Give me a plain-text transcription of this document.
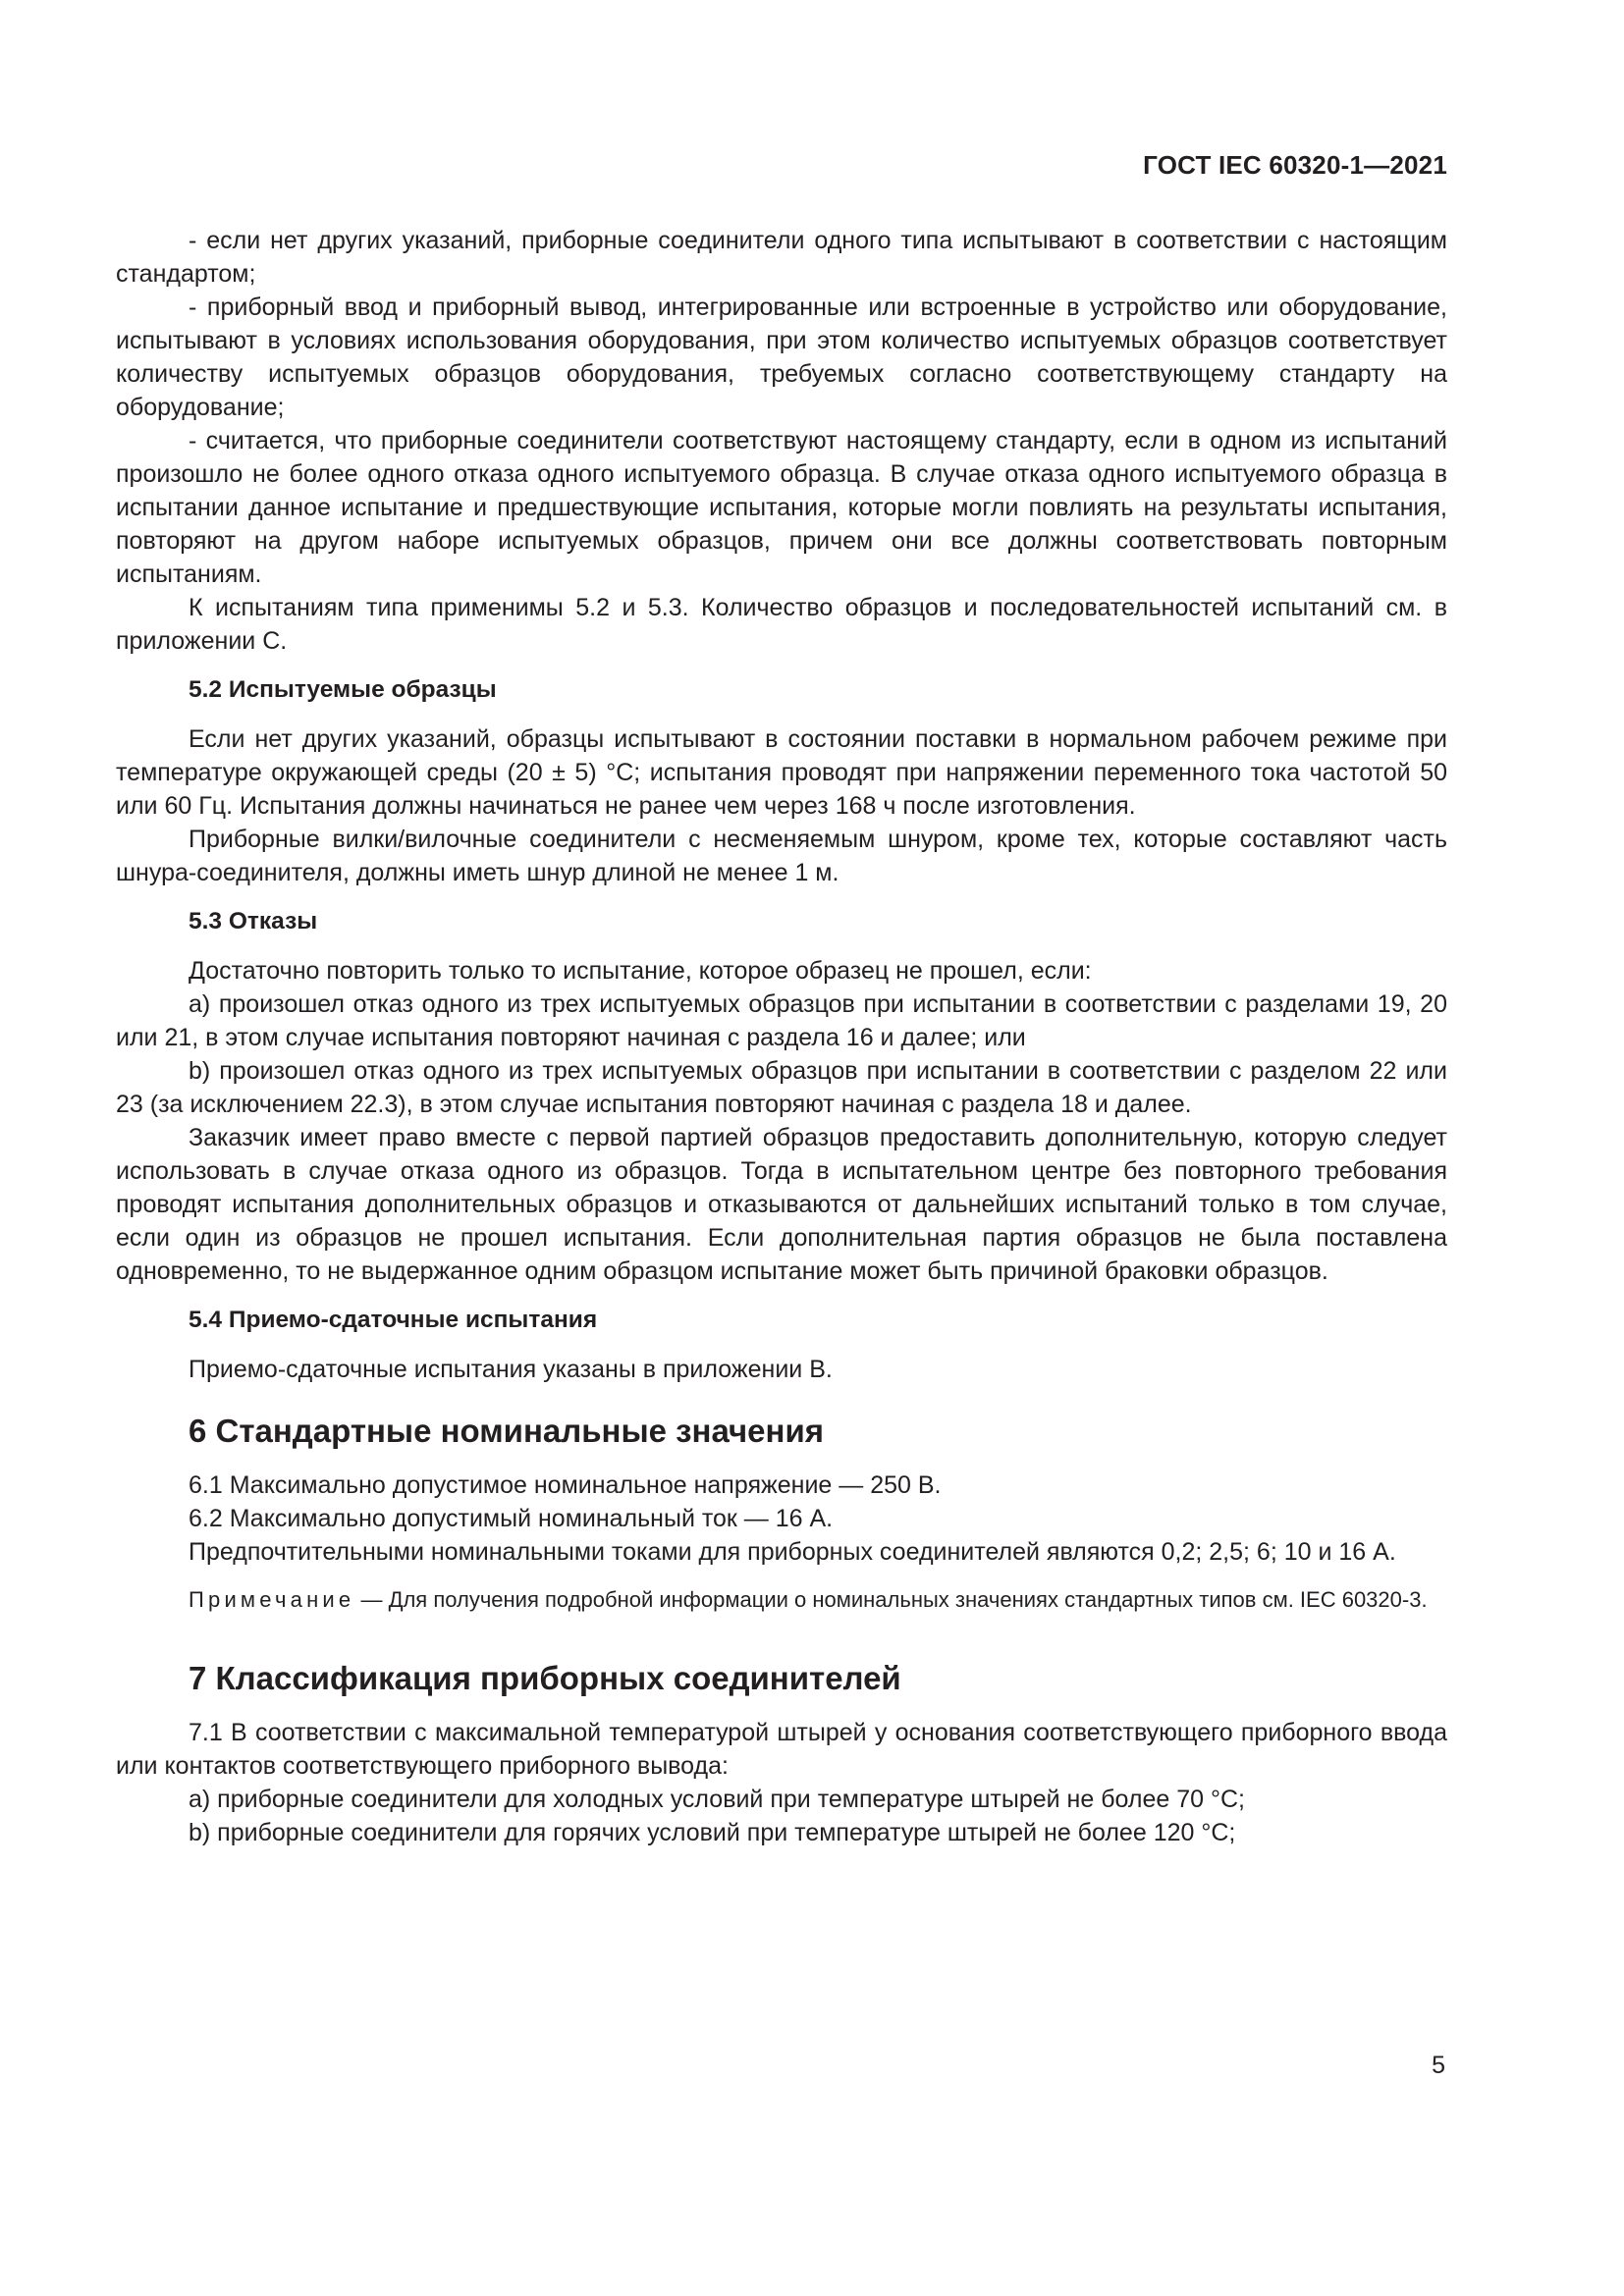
ГОСТ IEC 60320-1—2021

- если нет других указаний, приборные соединители одного типа испытывают в соответствии с настоящим стандартом;

- приборный ввод и приборный вывод, интегрированные или встроенные в устройство или оборудование, испытывают в условиях использования оборудования, при этом количество испытуемых образцов соответствует количеству испытуемых образцов оборудования, требуемых согласно соответствующему стандарту на оборудование;

- считается, что приборные соединители соответствуют настоящему стандарту, если в одном из испытаний произошло не более одного отказа одного испытуемого образца. В случае отказа одного испытуемого образца в испытании данное испытание и предшествующие испытания, которые могли повлиять на результаты испытания, повторяют на другом наборе испытуемых образцов, причем они все должны соответствовать повторным испытаниям.

К испытаниям типа применимы 5.2 и 5.3. Количество образцов и последовательностей испытаний см. в приложении С.

5.2 Испытуемые образцы

Если нет других указаний, образцы испытывают в состоянии поставки в нормальном рабочем режиме при температуре окружающей среды (20 ± 5) °С; испытания проводят при напряжении переменного тока частотой 50 или 60 Гц. Испытания должны начинаться не ранее чем через 168 ч после изготовления.

Приборные вилки/вилочные соединители с несменяемым шнуром, кроме тех, которые составляют часть шнура-соединителя, должны иметь шнур длиной не менее 1 м.

5.3 Отказы

Достаточно повторить только то испытание, которое образец не прошел, если:

a) произошел отказ одного из трех испытуемых образцов при испытании в соответствии с разделами 19, 20 или 21, в этом случае испытания повторяют начиная с раздела 16 и далее; или

b) произошел отказ одного из трех испытуемых образцов при испытании в соответствии с разделом 22 или 23 (за исключением 22.3), в этом случае испытания повторяют начиная с раздела 18 и далее.

Заказчик имеет право вместе с первой партией образцов предоставить дополнительную, которую следует использовать в случае отказа одного из образцов. Тогда в испытательном центре без повторного требования проводят испытания дополнительных образцов и отказываются от дальнейших испытаний только в том случае, если один из образцов не прошел испытания. Если дополнительная партия образцов не была поставлена одновременно, то не выдержанное одним образцом испытание может быть причиной браковки образцов.

5.4 Приемо-сдаточные испытания

Приемо-сдаточные испытания указаны в приложении В.

6 Стандартные номинальные значения

6.1 Максимально допустимое номинальное напряжение — 250 В.

6.2 Максимально допустимый номинальный ток — 16 А.

Предпочтительными номинальными токами для приборных соединителей являются 0,2; 2,5; 6; 10 и 16 А.

Примечание — Для получения подробной информации о номинальных значениях стандартных типов см. IEC 60320-3.

7 Классификация приборных соединителей

7.1 В соответствии с максимальной температурой штырей у основания соответствующего приборного ввода или контактов соответствующего приборного вывода:

a) приборные соединители для холодных условий при температуре штырей не более 70 °С;

b) приборные соединители для горячих условий при температуре штырей не более 120 °С;

5
